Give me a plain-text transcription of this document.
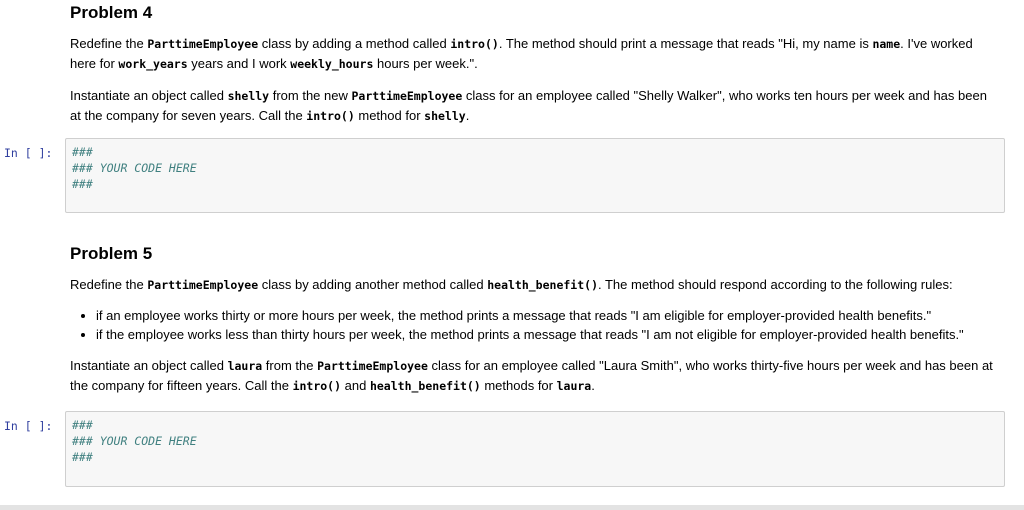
Problem 4

Redefine the ParttimeEmployee class by adding a method called intro(). The method should print a message that reads "Hi, my name is name. I've worked here for work_years years and I work weekly_hours hours per week.".

Instantiate an object called shelly from the new ParttimeEmployee class for an employee called "Shelly Walker", who works ten hours per week and has been at the company for seven years. Call the intro() method for shelly.

In [ ]:	###
### YOUR CODE HERE
###
Problem 5

Redefine the ParttimeEmployee class by adding another method called health_benefit(). The method should respond according to the following rules:

• if an employee works thirty or more hours per week, the method prints a message that reads "I am eligible for employer-provided health benefits."
• if the employee works less than thirty hours per week, the method prints a message that reads "I am not eligible for employer-provided health benefits."

Instantiate an object called laura from the ParttimeEmployee class for an employee called "Laura Smith", who works thirty-five hours per week and has been at the company for fifteen years. Call the intro() and health_benefit() methods for laura.

In [ ]:	###
### YOUR CODE HERE
###
